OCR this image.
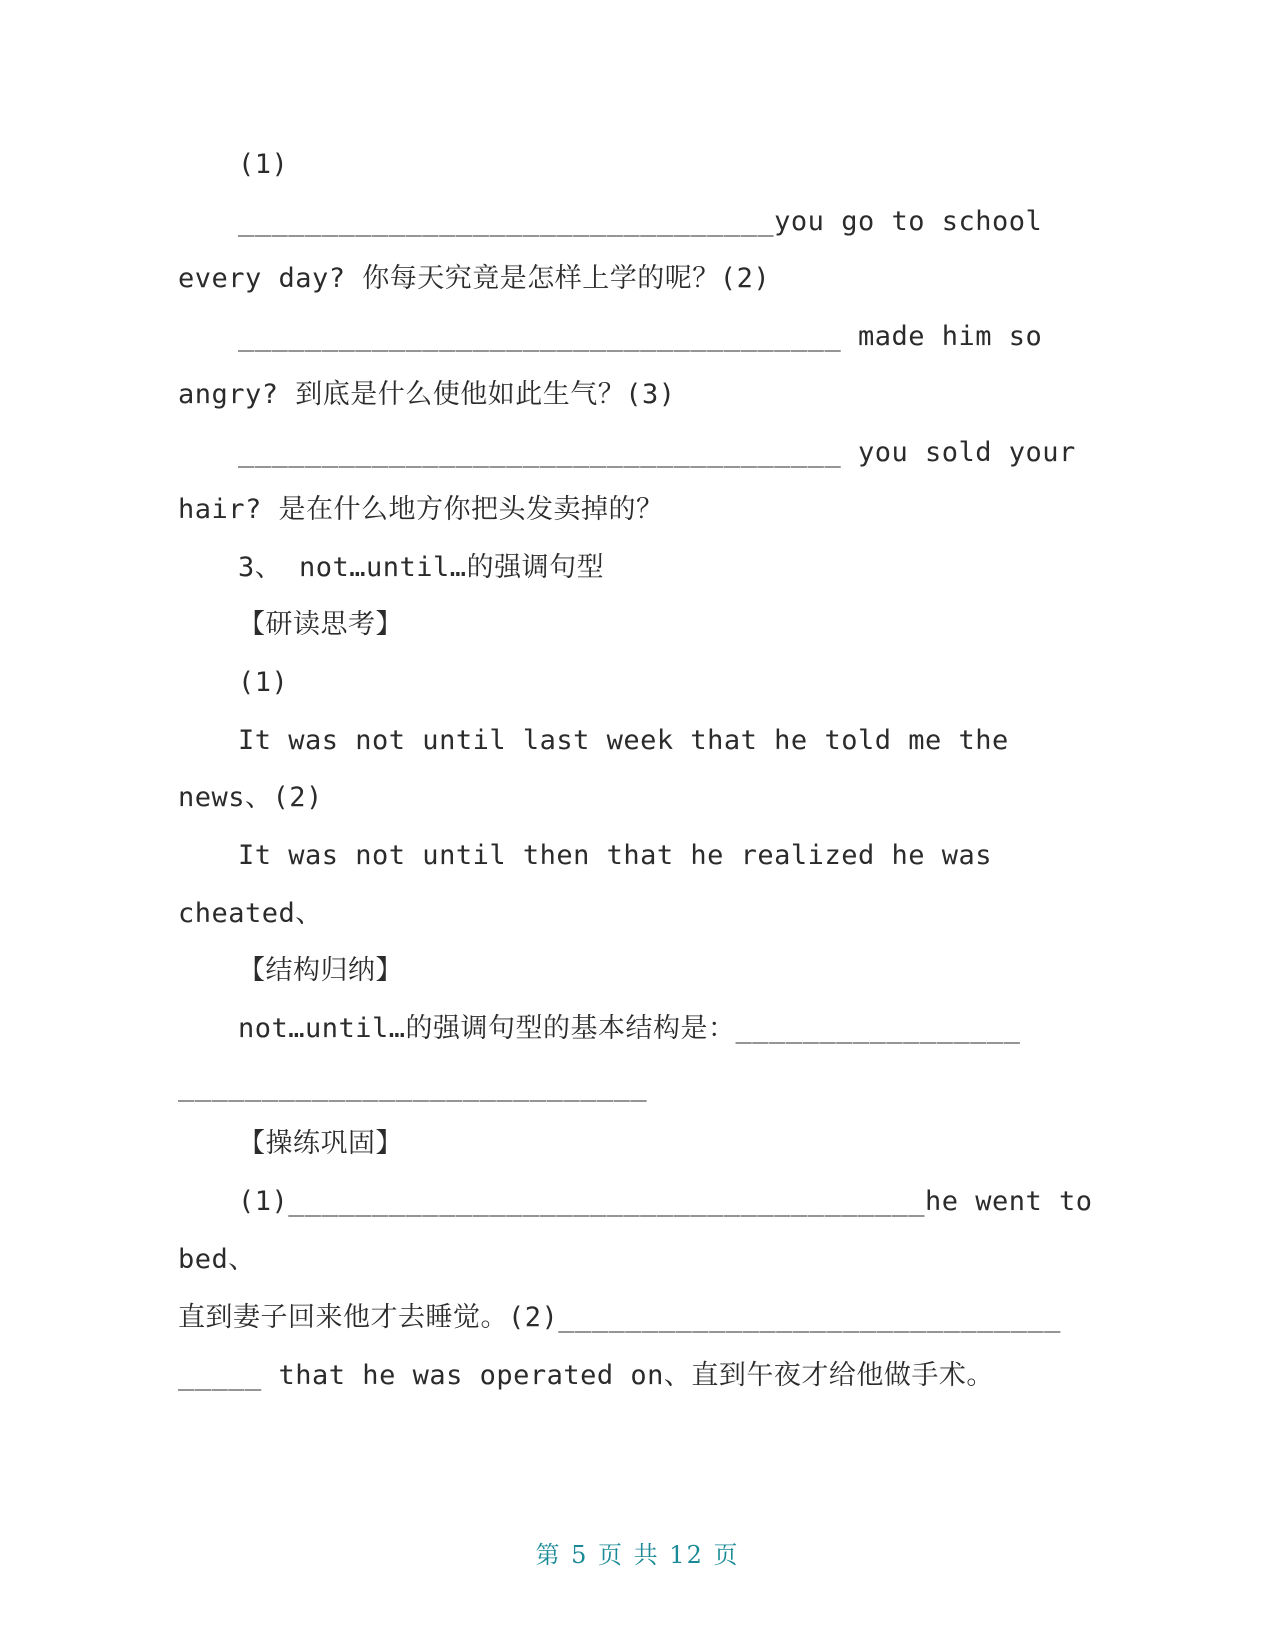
(1)
________________________________you go to school
every day? 你每天究竟是怎样上学的呢？(2)
____________________________________ made him so
angry? 到底是什么使他如此生气？(3)
____________________________________ you sold your
hair? 是在什么地方你把头发卖掉的？
3、 not…until…的强调句型
【研读思考】
(1)
It was not until last week that he told me the
news、(2)
It was not until then that he realized he was
cheated、
【结构归纳】
not…until…的强调句型的基本结构是：_________________
____________________________
【操练巩固】
(1)______________________________________he went to
bed、
直到妻子回来他才去睡觉。(2)______________________________
_____ that he was operated on、直到午夜才给他做手术。
第 5 页 共 12 页
